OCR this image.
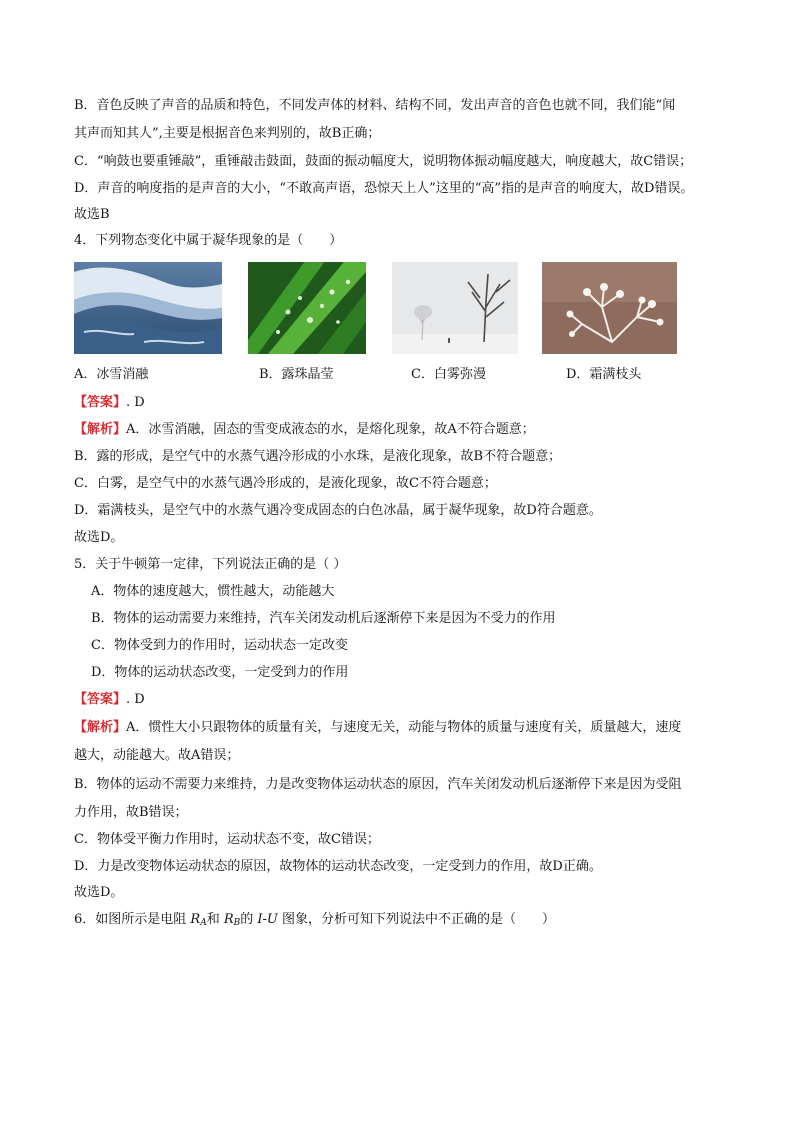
B．音色反映了声音的品质和特色，不同发声体的材料、结构不同，发出声音的音色也就不同，我们能“闻
其声而知其人”,主要是根据音色来判别的，故B正确；
C．“响鼓也要重锤敲”，重锤敲击鼓面，鼓面的振动幅度大，说明物体振动幅度越大，响度越大，故C错误；
D．声音的响度指的是声音的大小，“不敢高声语，恐惊天上人”这里的“高”指的是声音的响度大，故D错误。
故选B
4．下列物态变化中属于凝华现象的是（　　）
A．冰雪消融	B．露珠晶莹	C．白雾弥漫	D．霜满枝头
【答案】. D
【解析】A．冰雪消融，固态的雪变成液态的水，是熔化现象，故A不符合题意；
B．露的形成，是空气中的水蒸气遇冷形成的小水珠，是液化现象，故B不符合题意；
C．白雾，是空气中的水蒸气遇冷形成的，是液化现象，故C不符合题意；
D．霜满枝头，是空气中的水蒸气遇冷变成固态的白色冰晶，属于凝华现象，故D符合题意。
故选D。
5．关于牛顿第一定律，下列说法正确的是（ ）
A．物体的速度越大，惯性越大，动能越大
B．物体的运动需要力来维持，汽车关闭发动机后逐渐停下来是因为不受力的作用
C．物体受到力的作用时，运动状态一定改变
D．物体的运动状态改变，一定受到力的作用
【答案】. D
【解析】A．惯性大小只跟物体的质量有关，与速度无关，动能与物体的质量与速度有关，质量越大，速度
越大，动能越大。故A错误；
B．物体的运动不需要力来维持，力是改变物体运动状态的原因，汽车关闭发动机后逐渐停下来是因为受阻
力作用，故B错误；
C．物体受平衡力作用时，运动状态不变，故C错误；
D．力是改变物体运动状态的原因，故物体的运动状态改变，一定受到力的作用，故D正确。
故选D。
6．如图所示是电阻 $R_A$和 $R_B$的 I-U 图象，分析可知下列说法中不正确的是（　　）
